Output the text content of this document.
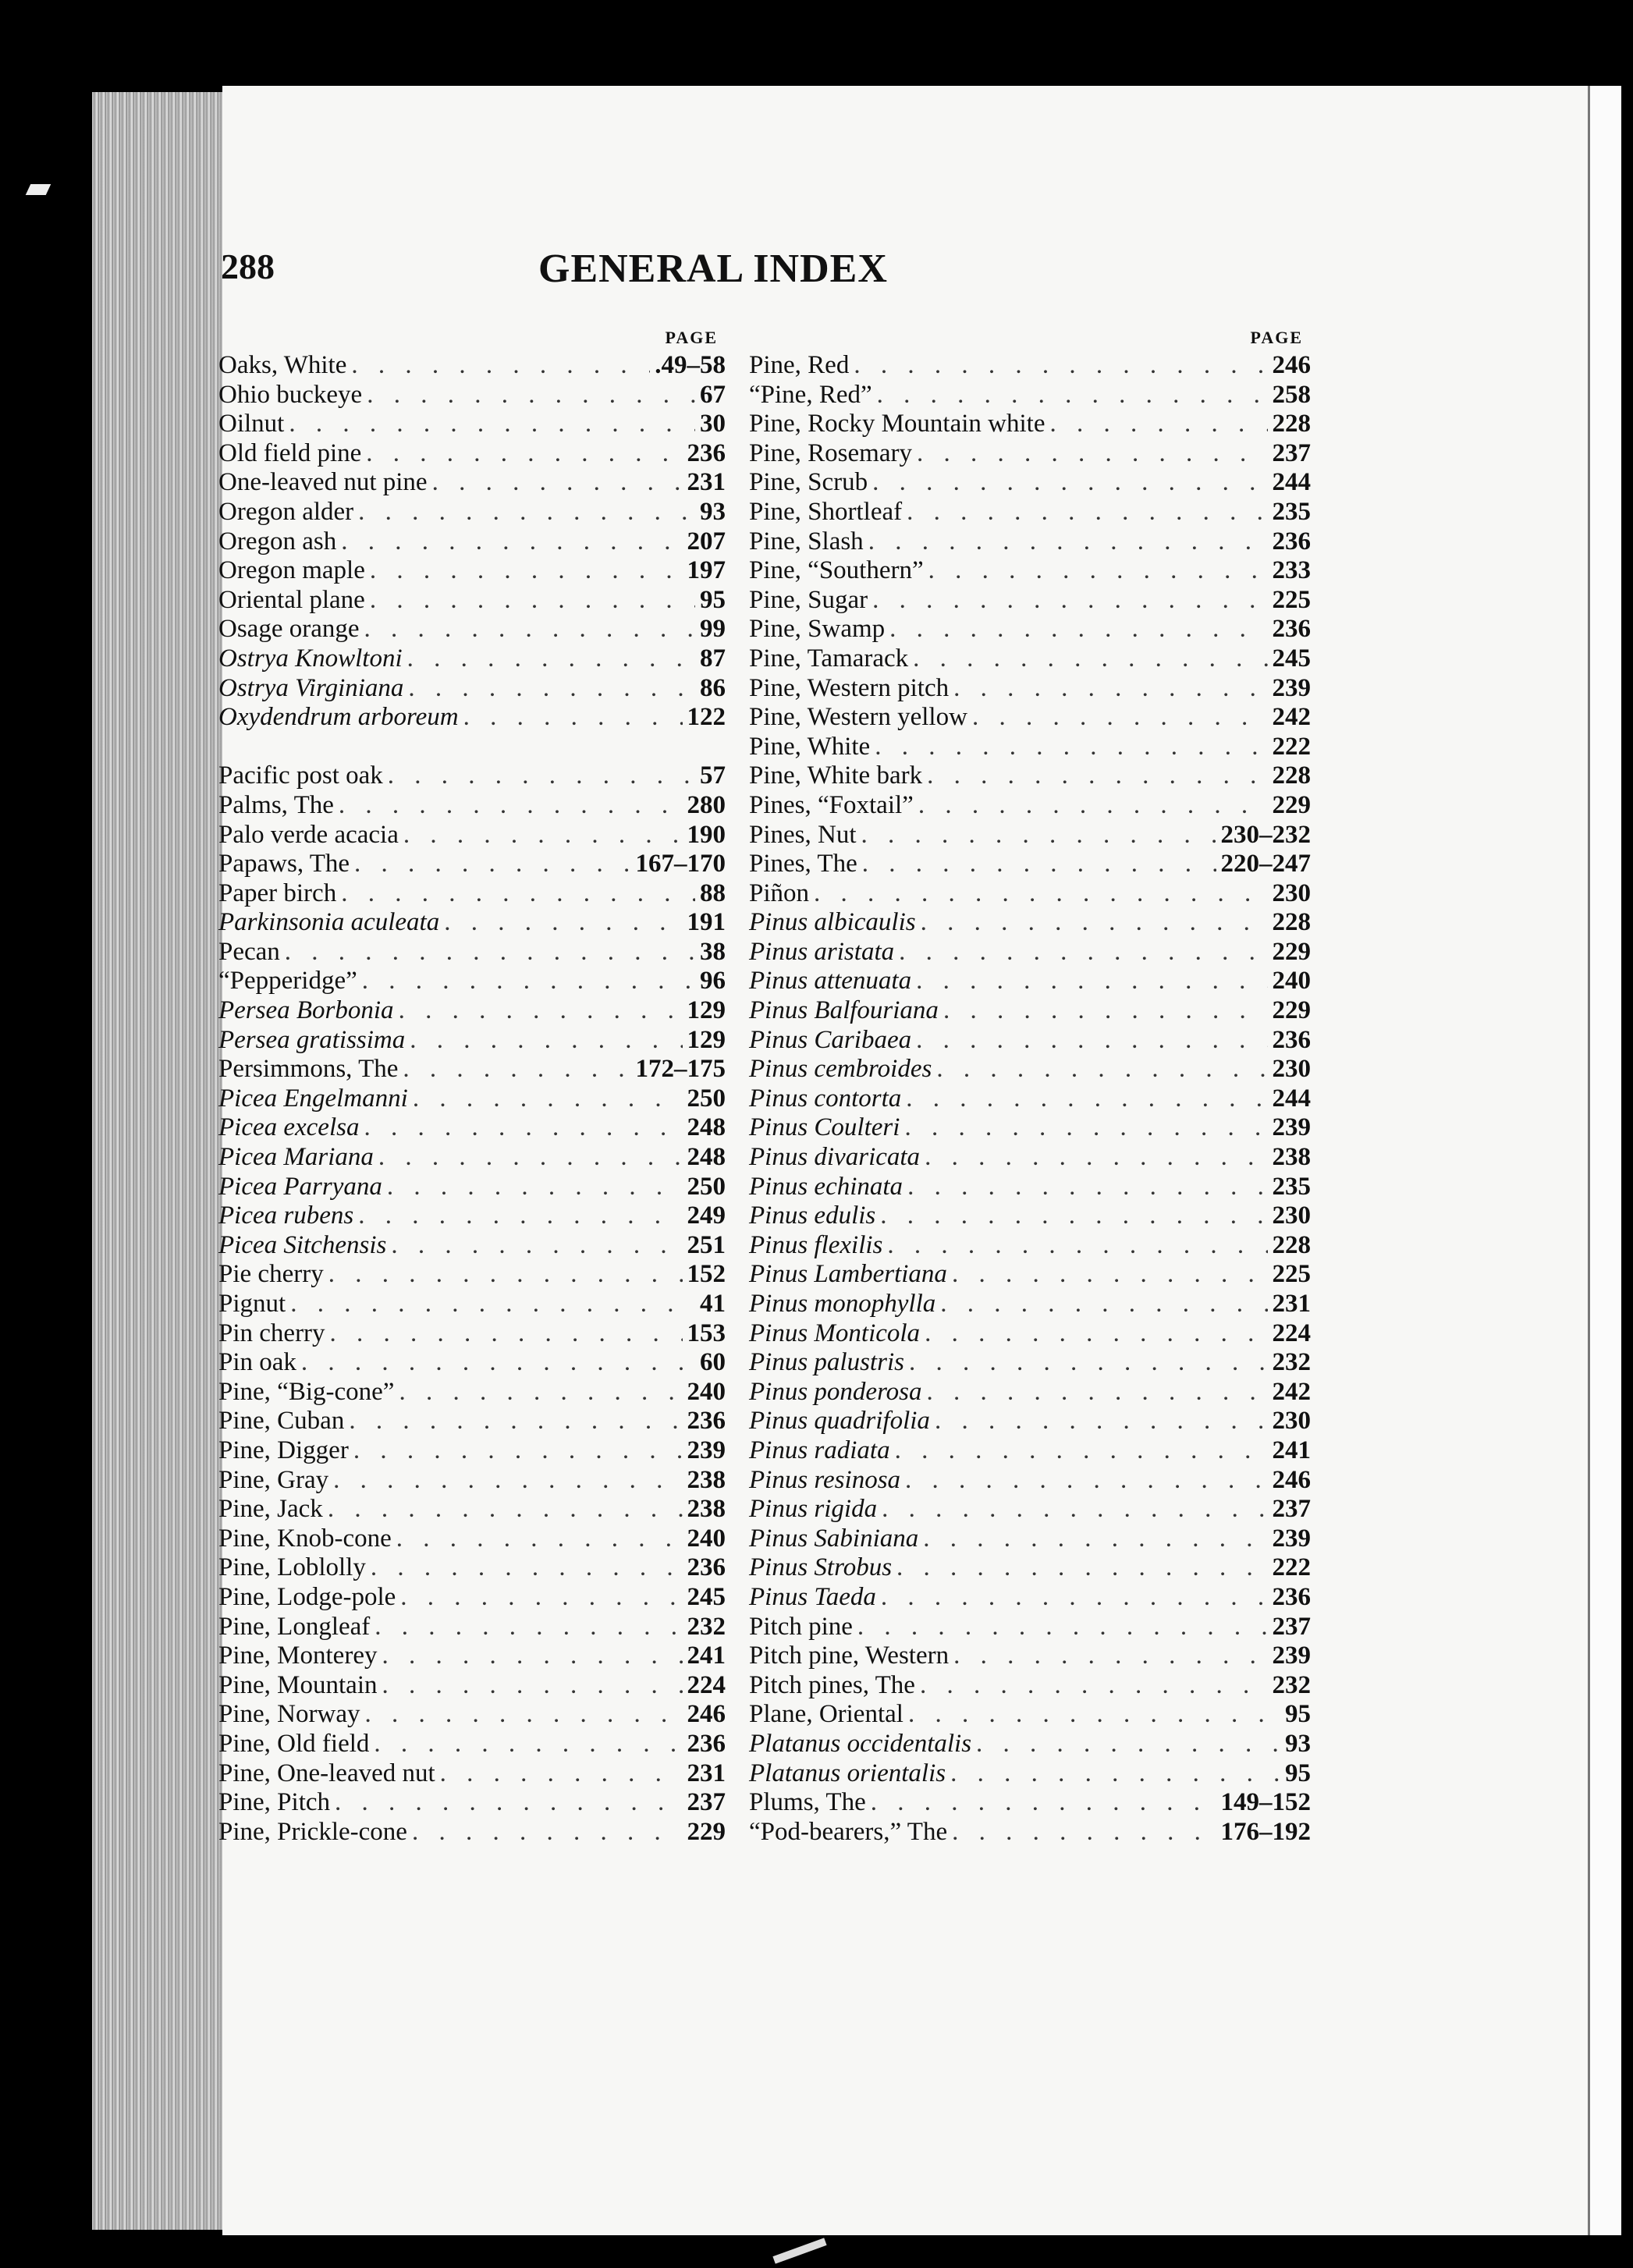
288	GENERAL INDEX
PAGE
Oaks, White . . .	.49–58
Ohio buckeye . . .	67
Oilnut . . .	30
Old field pine . . .	236
One-leaved nut pine . . .	231
Oregon alder . . .	93
Oregon ash . . .	207
Oregon maple . . .	197
Oriental plane . . .	95
Osage orange . . .	99
Ostrya Knowltoni . . .	87
Ostrya Virginiana . . .	86
Oxydendrum arboreum . . .	122
Pacific post oak . . .	57
Palms, The . . .	280
Palo verde acacia . . .	190
Papaws, The . . .	167–170
Paper birch . . .	88
Parkinsonia aculeata . . .	191
Pecan . . .	38
“Pepperidge” . . .	96
Persea Borbonia . . .	129
Persea gratissima . . .	129
Persimmons, The . . .	172–175
Picea Engelmanni . . .	250
Picea excelsa . . .	248
Picea Mariana . . .	248
Picea Parryana . . .	250
Picea rubens . . .	249
Picea Sitchensis . . .	251
Pie cherry . . .	152
Pignut . . .	41
Pin cherry . . .	153
Pin oak . . .	60
Pine, “Big-cone” . . .	240
Pine, Cuban . . .	236
Pine, Digger . . .	239
Pine, Gray . . .	238
Pine, Jack . . .	238
Pine, Knob-cone . . .	240
Pine, Loblolly . . .	236
Pine, Lodge-pole . . .	245
Pine, Longleaf . . .	232
Pine, Monterey . . .	241
Pine, Mountain . . .	224
Pine, Norway . . .	246
Pine, Old field . . .	236
Pine, One-leaved nut . . .	231
Pine, Pitch . . .	237
Pine, Prickle-cone . . .	229
PAGE
Pine, Red . . .	246
“Pine, Red” . . .	258
Pine, Rocky Mountain white . . .	228
Pine, Rosemary . . .	237
Pine, Scrub . . .	244
Pine, Shortleaf . . .	235
Pine, Slash . . .	236
Pine, “Southern” . . .	233
Pine, Sugar . . .	225
Pine, Swamp . . .	236
Pine, Tamarack . . .	245
Pine, Western pitch . . .	239
Pine, Western yellow . . .	242
Pine, White . . .	222
Pine, White bark . . .	228
Pines, “Foxtail” . . .	229
Pines, Nut . . .	230–232
Pines, The . . .	220–247
Piñon . . .	230
Pinus albicaulis . . .	228
Pinus aristata . . .	229
Pinus attenuata . . .	240
Pinus Balfouriana . . .	229
Pinus Caribaea . . .	236
Pinus cembroides . . .	230
Pinus contorta . . .	244
Pinus Coulteri . . .	239
Pinus divaricata . . .	238
Pinus echinata . . .	235
Pinus edulis . . .	230
Pinus flexilis . . .	228
Pinus Lambertiana . . .	225
Pinus monophylla . . .	231
Pinus Monticola . . .	224
Pinus palustris . . .	232
Pinus ponderosa . . .	242
Pinus quadrifolia . . .	230
Pinus radiata . . .	241
Pinus resinosa . . .	246
Pinus rigida . . .	237
Pinus Sabiniana . . .	239
Pinus Strobus . . .	222
Pinus Taeda . . .	236
Pitch pine . . .	237
Pitch pine, Western . . .	239
Pitch pines, The . . .	232
Plane, Oriental . . .	95
Platanus occidentalis . . .	93
Platanus orientalis . . .	95
Plums, The . . .	149–152
“Pod-bearers,” The . . .	176–192
